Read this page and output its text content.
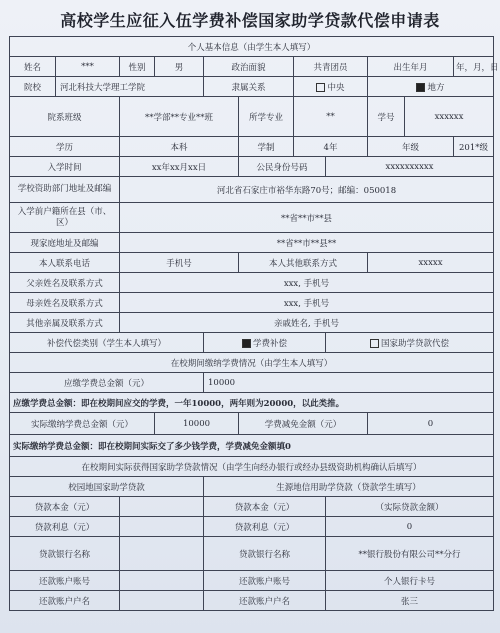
高校学生应征入伍学费补偿国家助学贷款代偿申请表
个人基本信息（由学生本人填写）										
姓名	***	性别	男	政治面貌		共青团员		出生年月		年，月，日
院校	河北科技大学理工学院			隶属关系		中央		地方		
院系班级		**学部**专业**班			所学专业	**		学号	xxxxxx	
学历		本科			学制	4年		年级		201*级
入学时间		xx年xx月xx日			公民身份号码		xxxxxxxxxx			
学校资助部门地址及邮编		河北省石家庄市裕华东路70号；邮编：050018								
入学前户籍所在县（市、区）		**省**市**县								
现家庭地址及邮编		**省**市**县**								
本人联系电话		手机号			本人其他联系方式			xxxxx		
父亲姓名及联系方式		xxx, 手机号								
母亲姓名及联系方式		xxx, 手机号								
其他亲属及联系方式		亲戚姓名, 手机号								
补偿代偿类别（学生本人填写）				学费补偿			国家助学贷款代偿			
在校期间缴纳学费情况（由学生本人填写）										
应缴学费总金额（元）				10000						
应缴学费总金额：即在校期间应交的学费，一年10000，两年则为20000，以此类推。										
实际缴纳学费总金额（元）			10000		学费减免金额（元）			0		
实际缴纳学费总金额：即在校期间实际交了多少钱学费，学费减免金额填0										
在校期间实际获得国家助学贷款情况（由学生向经办银行或经办县级资助机构确认后填写）										
校园地国家助学贷款				生源地信用助学贷款（贷款学生填写）						
贷款本金（元）				贷款本金（元）			（实际贷款金额）			
贷款利息（元）				贷款利息（元）			0			
贷款银行名称				贷款银行名称			**银行股份有限公司**分行			
还款账户账号				还款账户账号			个人银行卡号			
还款账户户名				还款账户户名			张三			
